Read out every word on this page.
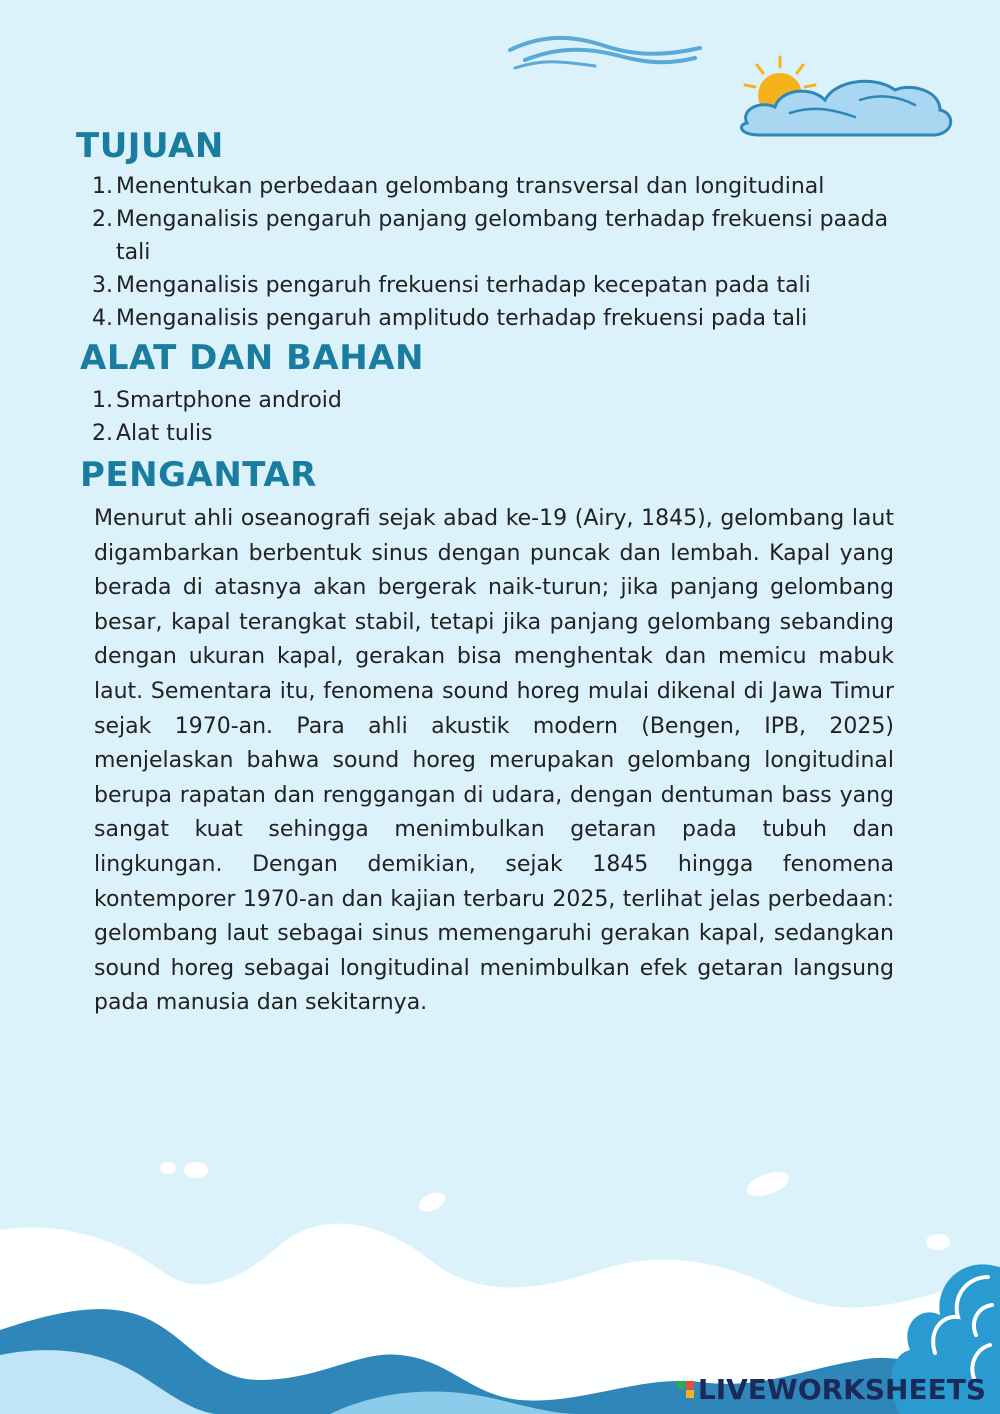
TUJUAN
1. Menentukan perbedaan gelombang transversal dan longitudinal
2. Menganalisis pengaruh panjang gelombang terhadap frekuensi paada tali
3. Menganalisis pengaruh frekuensi terhadap kecepatan pada tali
4. Menganalisis pengaruh amplitudo terhadap frekuensi pada tali
ALAT DAN BAHAN
1. Smartphone android
2. Alat tulis
PENGANTAR

Menurut ahli oseanografi sejak abad ke-19 (Airy, 1845), gelombang laut digambarkan berbentuk sinus dengan puncak dan lembah. Kapal yang berada di atasnya akan bergerak naik-turun; jika panjang gelombang besar, kapal terangkat stabil, tetapi jika panjang gelombang sebanding dengan ukuran kapal, gerakan bisa menghentak dan memicu mabuk laut. Sementara itu, fenomena sound horeg mulai dikenal di Jawa Timur sejak 1970-an. Para ahli akustik modern (Bengen, IPB, 2025) menjelaskan bahwa sound horeg merupakan gelombang longitudinal berupa rapatan dan renggangan di udara, dengan dentuman bass yang sangat kuat sehingga menimbulkan getaran pada tubuh dan lingkungan. Dengan demikian, sejak 1845 hingga fenomena kontemporer 1970-an dan kajian terbaru 2025, terlihat jelas perbedaan: gelombang laut sebagai sinus memengaruhi gerakan kapal, sedangkan sound horeg sebagai longitudinal menimbulkan efek getaran langsung pada manusia dan sekitarnya.

LIVEWORKSHEETS
